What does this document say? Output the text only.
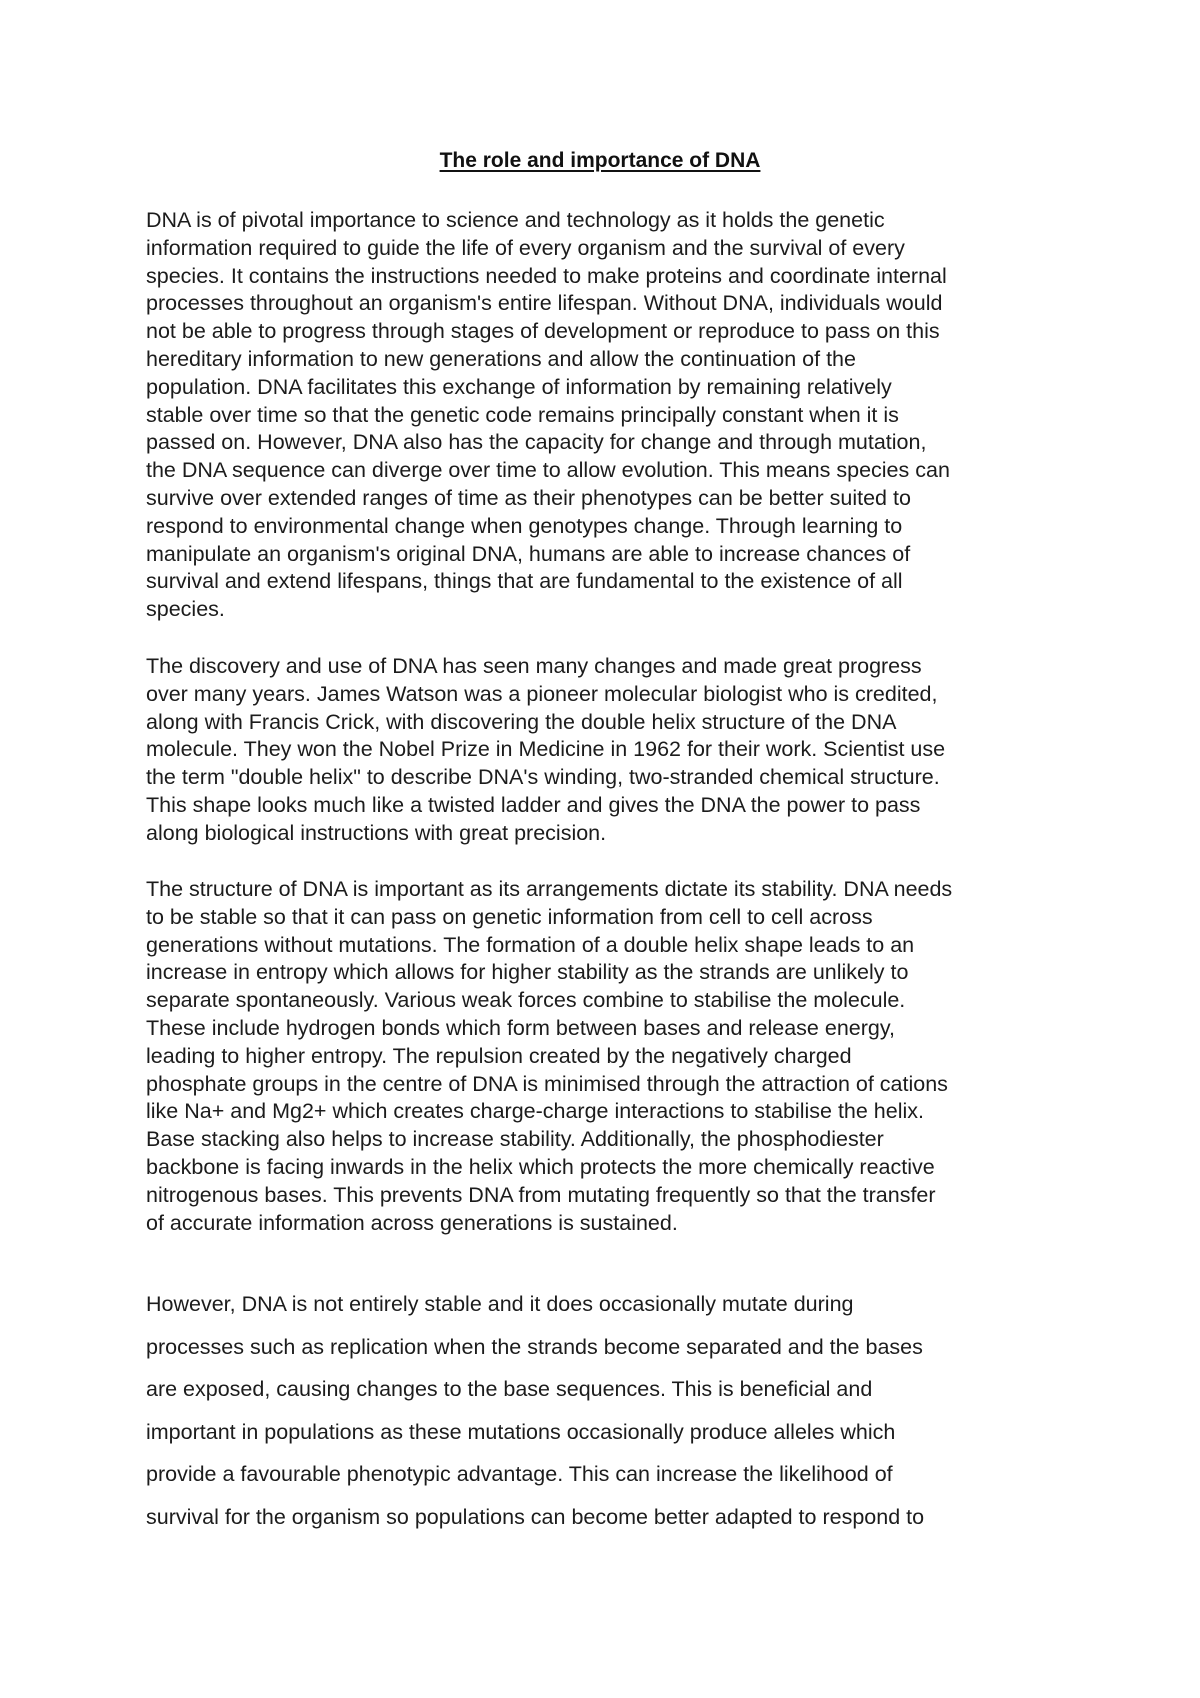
The role and importance of DNA
DNA is of pivotal importance to science and technology as it holds the genetic
information required to guide the life of every organism and the survival of every
species. It contains the instructions needed to make proteins and coordinate internal
processes throughout an organism's entire lifespan. Without DNA, individuals would
not be able to progress through stages of development or reproduce to pass on this
hereditary information to new generations and allow the continuation of the
population. DNA facilitates this exchange of information by remaining relatively
stable over time so that the genetic code remains principally constant when it is
passed on. However, DNA also has the capacity for change and through mutation,
the DNA sequence can diverge over time to allow evolution. This means species can
survive over extended ranges of time as their phenotypes can be better suited to
respond to environmental change when genotypes change. Through learning to
manipulate an organism's original DNA, humans are able to increase chances of
survival and extend lifespans, things that are fundamental to the existence of all
species.
The discovery and use of DNA has seen many changes and made great progress
over many years. James Watson was a pioneer molecular biologist who is credited,
along with Francis Crick, with discovering the double helix structure of the DNA
molecule. They won the Nobel Prize in Medicine in 1962 for their work. Scientist use
the term "double helix" to describe DNA's winding, two-stranded chemical structure.
This shape looks much like a twisted ladder and gives the DNA the power to pass
along biological instructions with great precision.
The structure of DNA is important as its arrangements dictate its stability. DNA needs
to be stable so that it can pass on genetic information from cell to cell across
generations without mutations. The formation of a double helix shape leads to an
increase in entropy which allows for higher stability as the strands are unlikely to
separate spontaneously. Various weak forces combine to stabilise the molecule.
These include hydrogen bonds which form between bases and release energy,
leading to higher entropy. The repulsion created by the negatively charged
phosphate groups in the centre of DNA is minimised through the attraction of cations
like Na+ and Mg2+ which creates charge-charge interactions to stabilise the helix.
Base stacking also helps to increase stability. Additionally, the phosphodiester
backbone is facing inwards in the helix which protects the more chemically reactive
nitrogenous bases. This prevents DNA from mutating frequently so that the transfer
of accurate information across generations is sustained.
However, DNA is not entirely stable and it does occasionally mutate during
processes such as replication when the strands become separated and the bases
are exposed, causing changes to the base sequences. This is beneficial and
important in populations as these mutations occasionally produce alleles which
provide a favourable phenotypic advantage. This can increase the likelihood of
survival for the organism so populations can become better adapted to respond to
